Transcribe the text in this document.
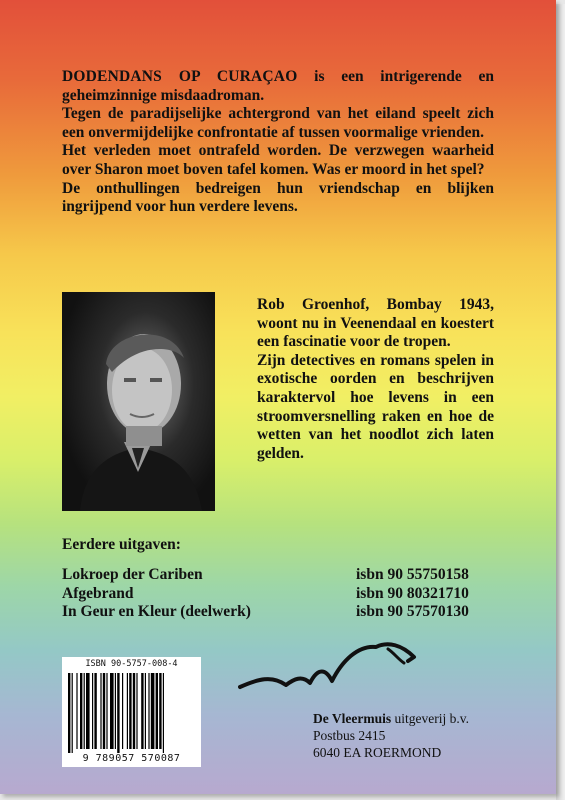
DODENDANS OP CURAÇAO is een intrigerende en geheimzinnige misdaadroman.

Tegen de paradijselijke achtergrond van het eiland speelt zich een onvermijdelijke confrontatie af tussen voormalige vrienden.

Het verleden moet ontrafeld worden. De verzwegen waarheid over Sharon moet boven tafel komen. Was er moord in het spel?

De onthullingen bedreigen hun vriendschap en blijken ingrijpend voor hun verdere levens.

Rob Groenhof, Bombay 1943, woont nu in Veenendaal en koestert een fascinatie voor de tropen.

Zijn detectives en romans spelen in exotische oorden en beschrijven karaktervol hoe levens in een stroomversnelling raken en hoe de wetten van het noodlot zich laten gelden.

Eerdere uitgaven:
Lokroep der Cariben	isbn 90 55750158
Afgebrand	isbn 90 80321710
In Geur en Kleur (deelwerk)	isbn 90 57570130
ISBN 90-5757-008-4
9 789057 570087
De Vleermuis uitgeverij b.v.
Postbus 2415
6040 EA ROERMOND
